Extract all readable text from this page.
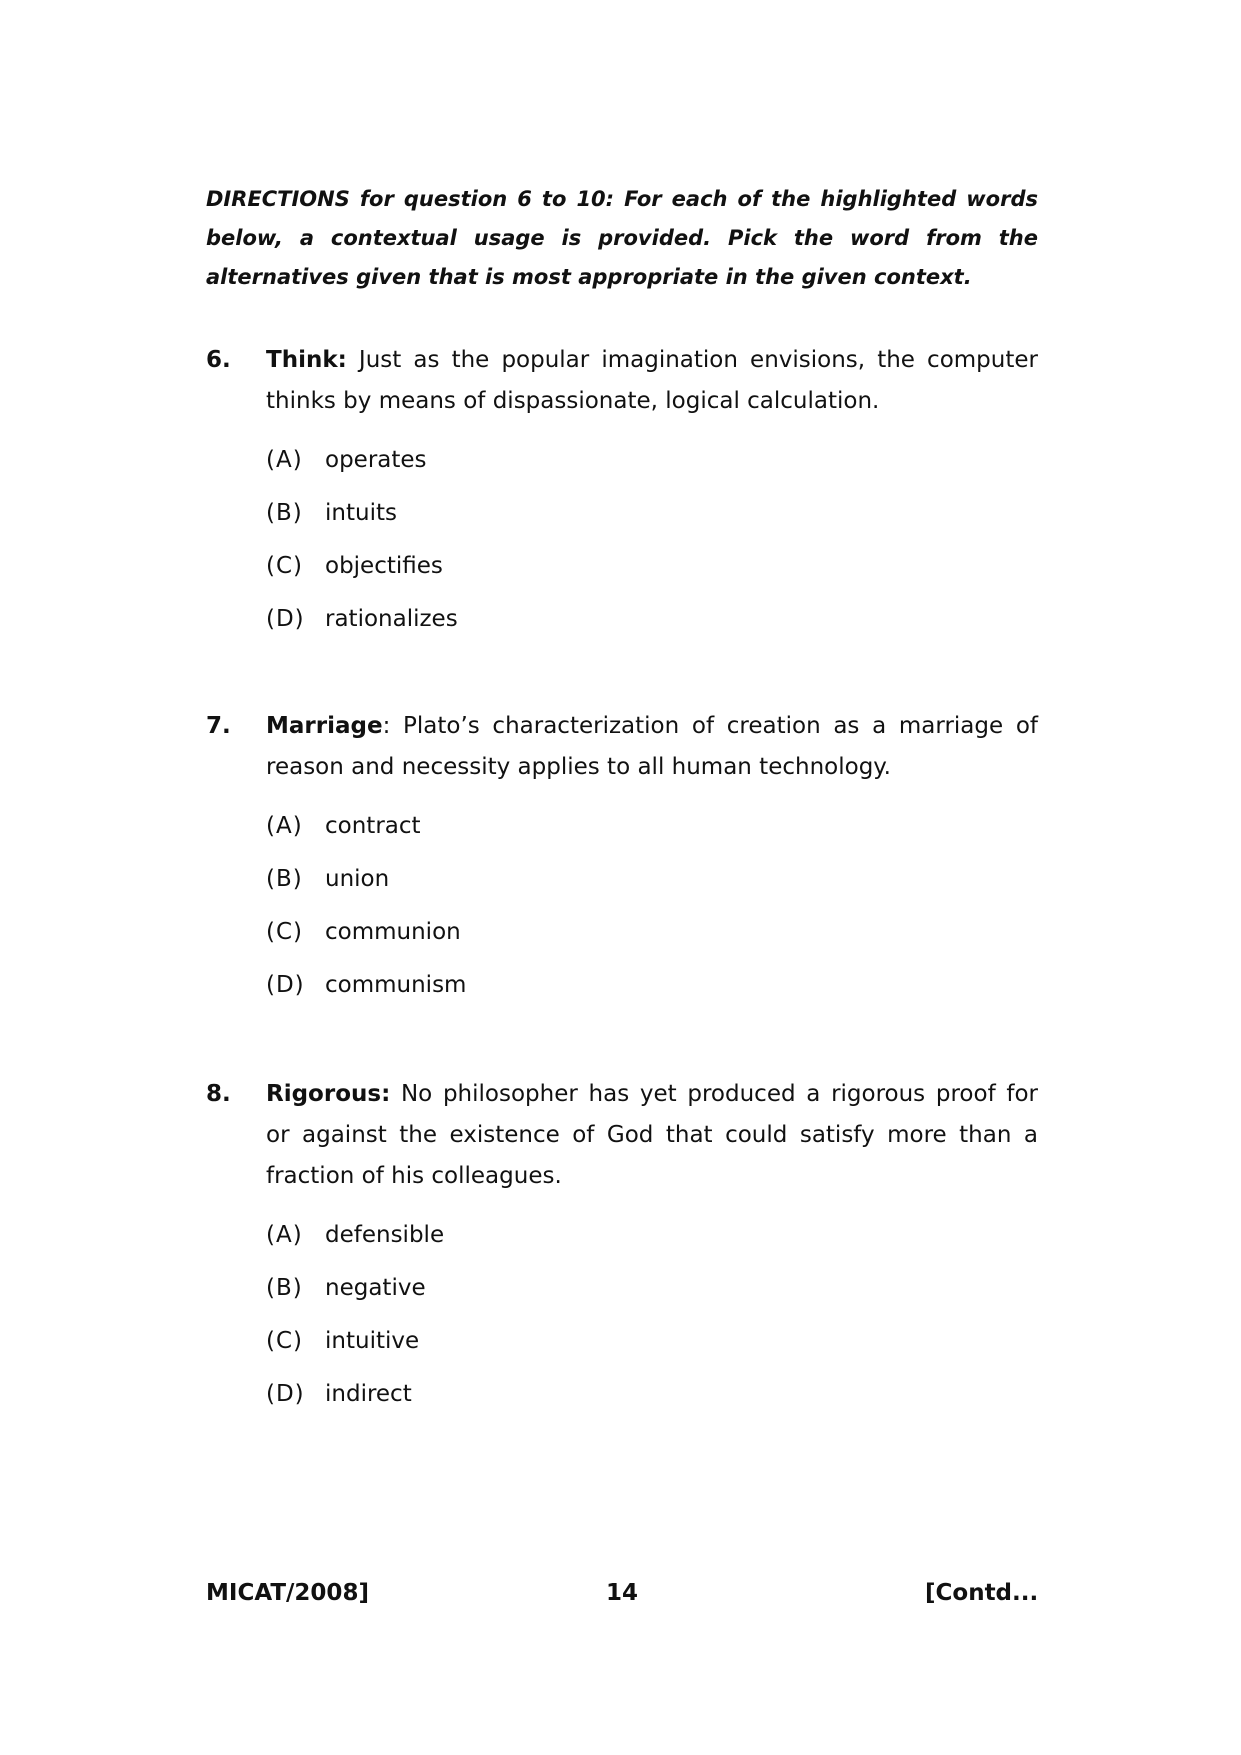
DIRECTIONS for question 6 to 10: For each of the highlighted words below, a contextual usage is provided. Pick the word from the alternatives given that is most appropriate in the given context.
6. Think: Just as the popular imagination envisions, the computer thinks by means of dispassionate, logical calculation.
(A) operates
(B) intuits
(C) objectifies
(D) rationalizes
7. Marriage: Plato’s characterization of creation as a marriage of reason and necessity applies to all human technology.
(A) contract
(B) union
(C) communion
(D) communism
8. Rigorous: No philosopher has yet produced a rigorous proof for or against the existence of God that could satisfy more than a fraction of his colleagues.
(A) defensible
(B) negative
(C) intuitive
(D) indirect
MICAT/2008]	14	[Contd...
